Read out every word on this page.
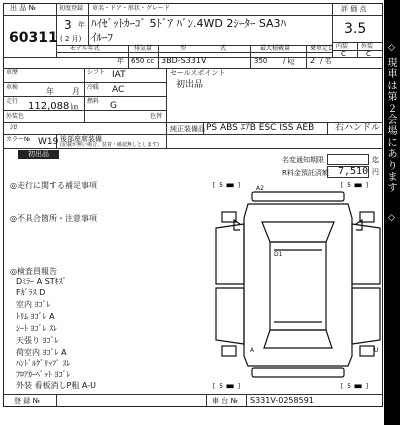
出 品 №
60311
初度登録
3 年
( 2 月)
車名・ドア・形状・グレード
ﾊｲｾﾞｯﾄｶｰｺﾞ 5ﾄﾞｱ ﾊﾞﾝ.4WD 2ｼｰﾀｰ SA3ﾊ
ｲﾙｰﾌ
評 価 点
3.5
内装 外装
C	C
モデル年式
年
排気量
650 cc
型	式
3BD-S331V
最大積載量
350 / ㎏
乗車定員
2 / 名
車歴	シフト IAT
車検	年 月 冷暖 AC
走行 112,088 ㎞
燃料 G
外装色	色替
ｼﾛ
カラー№ W19 後部座席装備
(記載が無い場合、装着・確認無しとします)
セールスポイント
初出品
純正装備品 PS ABS ｴｱB ESC ISS AEB 右ハンドル
初出品
名変通知期限	迄
R料金預託済額 7,510 円
◎走行に関する補足事項
◎不具合箇所・注意事項
◎検査員報告
Dﾐﾗｰ A STｷｽﾞ
Fｶﾞﾗｽ D
室内 ﾖｺﾞﾚ
ﾄﾘﾑ ﾖｺﾞﾚ A
ｼｰﾄ ﾖｺﾞﾚ ｽﾚ
天張り ﾖｺﾞﾚ
荷室内 ﾖｺﾞﾚ A
ﾊﾝﾄﾞﾙｸﾞﾘｯﾌﾟ ｽﾚ
ﾌﾛｱｶｰﾍﾟｯﾄ ﾖｺﾞﾚ
外装 看板消しP粗 A-U
[ 5 ■■ ]	[ 5 ■■ ]
[ 5 ■■ ]	[ 5 ■■ ]
A2
D1
A	U
登 録 №	車 台 № S331V-0258591
◇
現車は第２会場にあります
◇
